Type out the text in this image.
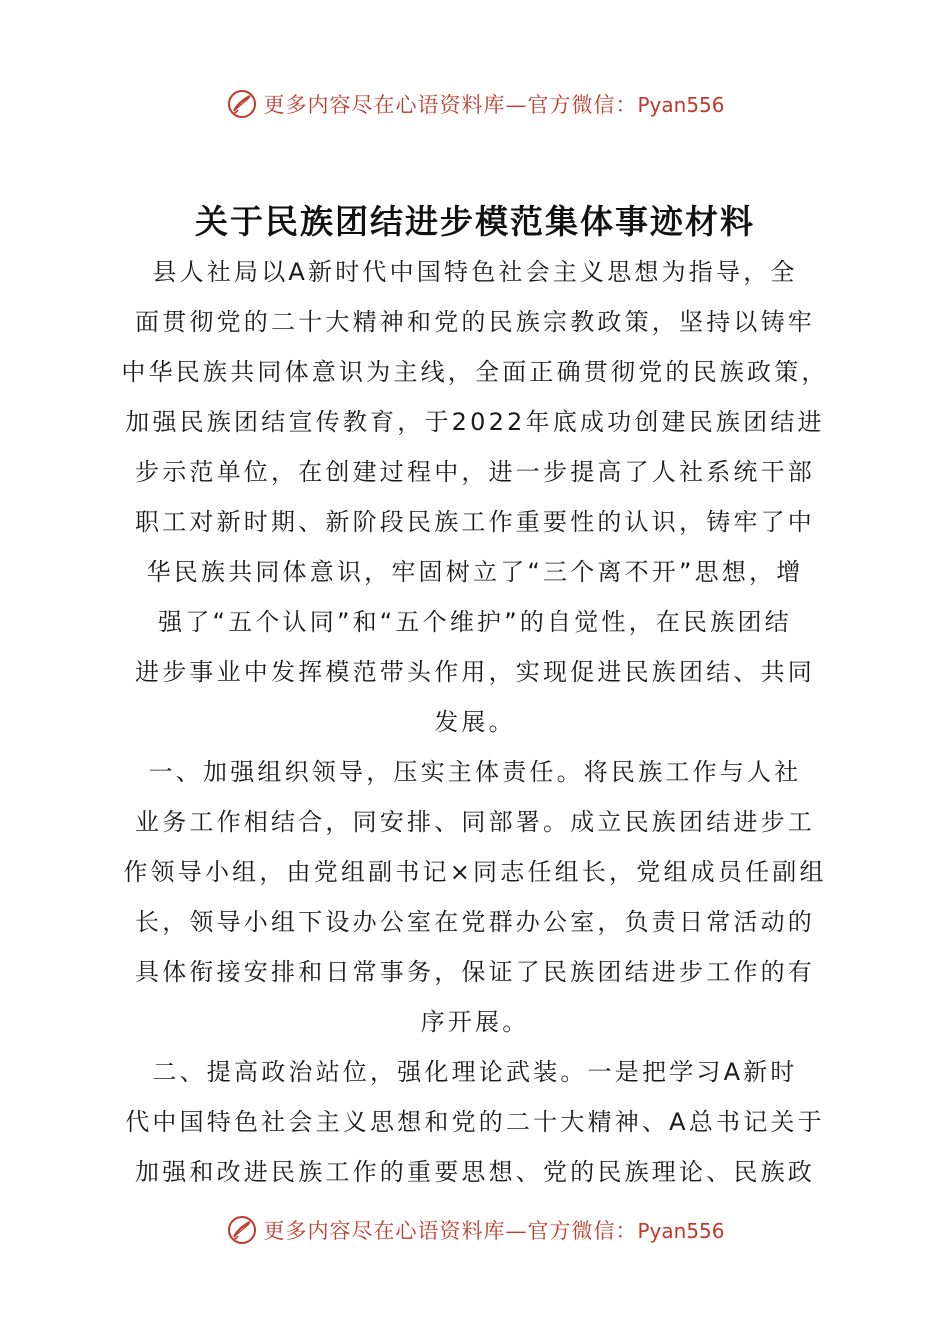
更多内容尽在心语资料库—官方微信：Pyan556
关于民族团结进步模范集体事迹材料
县人社局以A新时代中国特色社会主义思想为指导，全
面贯彻党的二十大精神和党的民族宗教政策，坚持以铸牢
中华民族共同体意识为主线，全面正确贯彻党的民族政策，
加强民族团结宣传教育，于2022年底成功创建民族团结进
步示范单位，在创建过程中，进一步提高了人社系统干部
职工对新时期、新阶段民族工作重要性的认识，铸牢了中
华民族共同体意识，牢固树立了“三个离不开”思想，增
强了“五个认同”和“五个维护”的自觉性，在民族团结
进步事业中发挥模范带头作用，实现促进民族团结、共同
发展。
一、加强组织领导，压实主体责任。将民族工作与人社
业务工作相结合，同安排、同部署。成立民族团结进步工
作领导小组，由党组副书记×同志任组长，党组成员任副组
长，领导小组下设办公室在党群办公室，负责日常活动的
具体衔接安排和日常事务，保证了民族团结进步工作的有
序开展。
二、提高政治站位，强化理论武装。一是把学习A新时
代中国特色社会主义思想和党的二十大精神、A总书记关于
加强和改进民族工作的重要思想、党的民族理论、民族政
更多内容尽在心语资料库—官方微信：Pyan556
